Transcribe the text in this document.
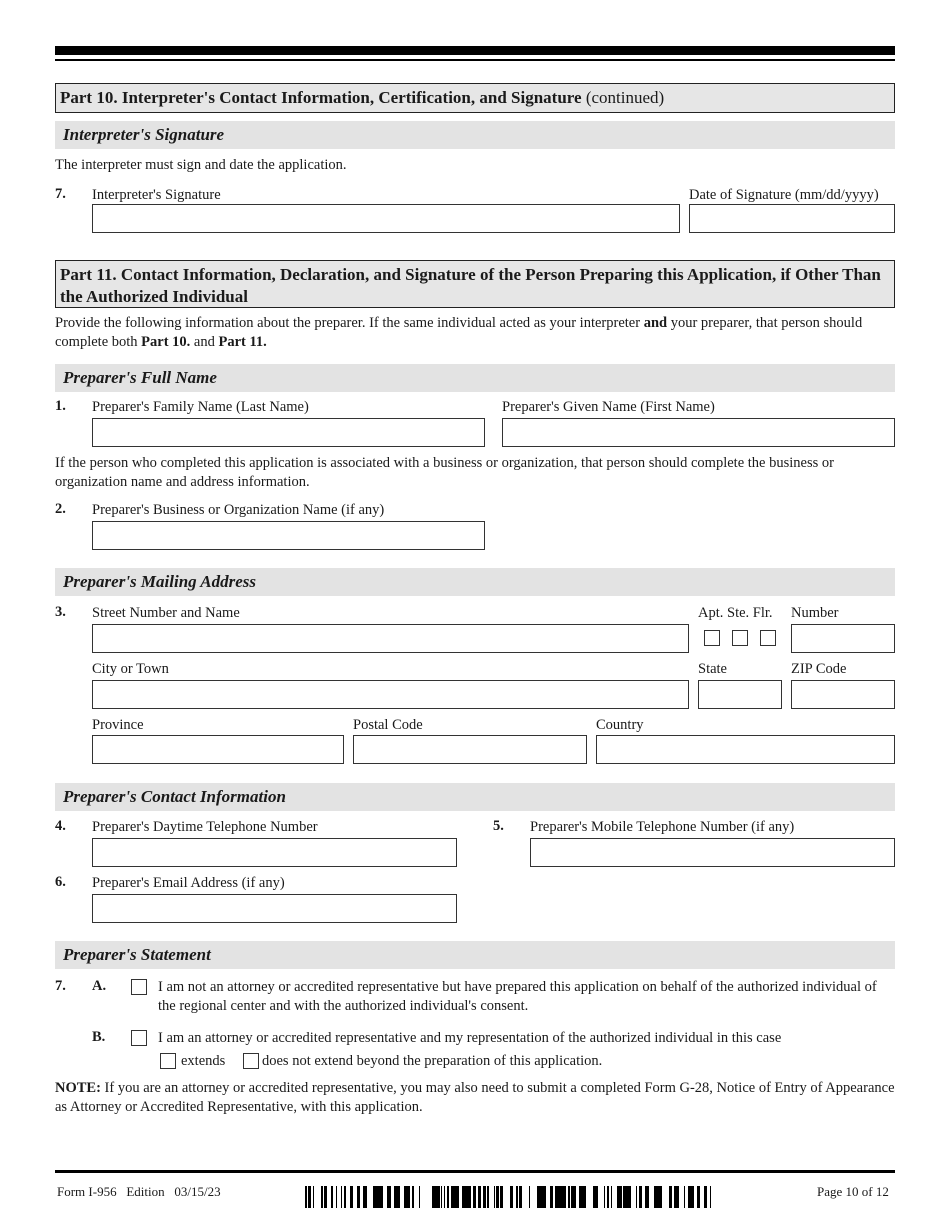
Part 10. Interpreter's Contact Information, Certification, and Signature (continued)
Interpreter's Signature
The interpreter must sign and date the application.
7. Interpreter's Signature	Date of Signature (mm/dd/yyyy)
Part 11. Contact Information, Declaration, and Signature of the Person Preparing this Application, if Other Than the Authorized Individual
Provide the following information about the preparer. If the same individual acted as your interpreter and your preparer, that person should complete both Part 10. and Part 11.
Preparer's Full Name
1. Preparer's Family Name (Last Name)	Preparer's Given Name (First Name)
If the person who completed this application is associated with a business or organization, that person should complete the business or organization name and address information.
2. Preparer's Business or Organization Name (if any)
Preparer's Mailing Address
3. Street Number and Name	Apt. Ste. Flr. Number
City or Town	State	ZIP Code
Province	Postal Code	Country
Preparer's Contact Information
4. Preparer's Daytime Telephone Number	5. Preparer's Mobile Telephone Number (if any)
6. Preparer's Email Address (if any)
Preparer's Statement
7. A.	I am not an attorney or accredited representative but have prepared this application on behalf of the authorized individual of the regional center and with the authorized individual's consent.
B.	I am an attorney or accredited representative and my representation of the authorized individual in this case
extends	does not extend beyond the preparation of this application.
NOTE: If you are an attorney or accredited representative, you may also need to submit a completed Form G-28, Notice of Entry of Appearance as Attorney or Accredited Representative, with this application.
Form I-956   Edition   03/15/23	Page 10 of 12
